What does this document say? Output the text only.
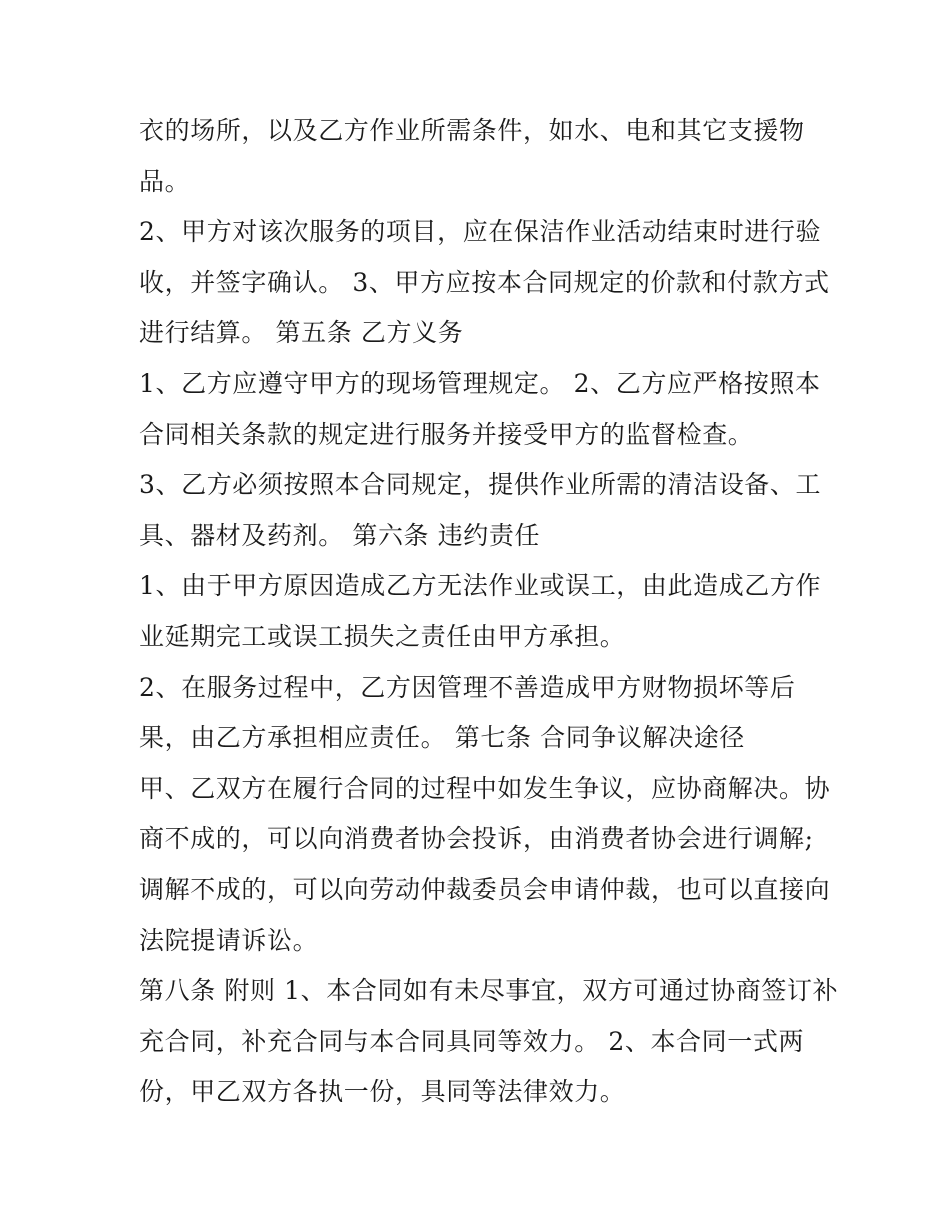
衣的场所，以及乙方作业所需条件，如水、电和其它支援物
品。
2、甲方对该次服务的项目，应在保洁作业活动结束时进行验
收，并签字确认。 3、甲方应按本合同规定的价款和付款方式
进行结算。 第五条 乙方义务
1、乙方应遵守甲方的现场管理规定。 2、乙方应严格按照本
合同相关条款的规定进行服务并接受甲方的监督检查。
3、乙方必须按照本合同规定，提供作业所需的清洁设备、工
具、器材及药剂。 第六条 违约责任
1、由于甲方原因造成乙方无法作业或误工，由此造成乙方作
业延期完工或误工损失之责任由甲方承担。
2、在服务过程中，乙方因管理不善造成甲方财物损坏等后
果，由乙方承担相应责任。 第七条 合同争议解决途径
甲、乙双方在履行合同的过程中如发生争议，应协商解决。协
商不成的，可以向消费者协会投诉，由消费者协会进行调解;
调解不成的，可以向劳动仲裁委员会申请仲裁，也可以直接向
法院提请诉讼。
第八条 附则 1、本合同如有未尽事宜，双方可通过协商签订补
充合同，补充合同与本合同具同等效力。 2、本合同一式两
份，甲乙双方各执一份，具同等法律效力。
